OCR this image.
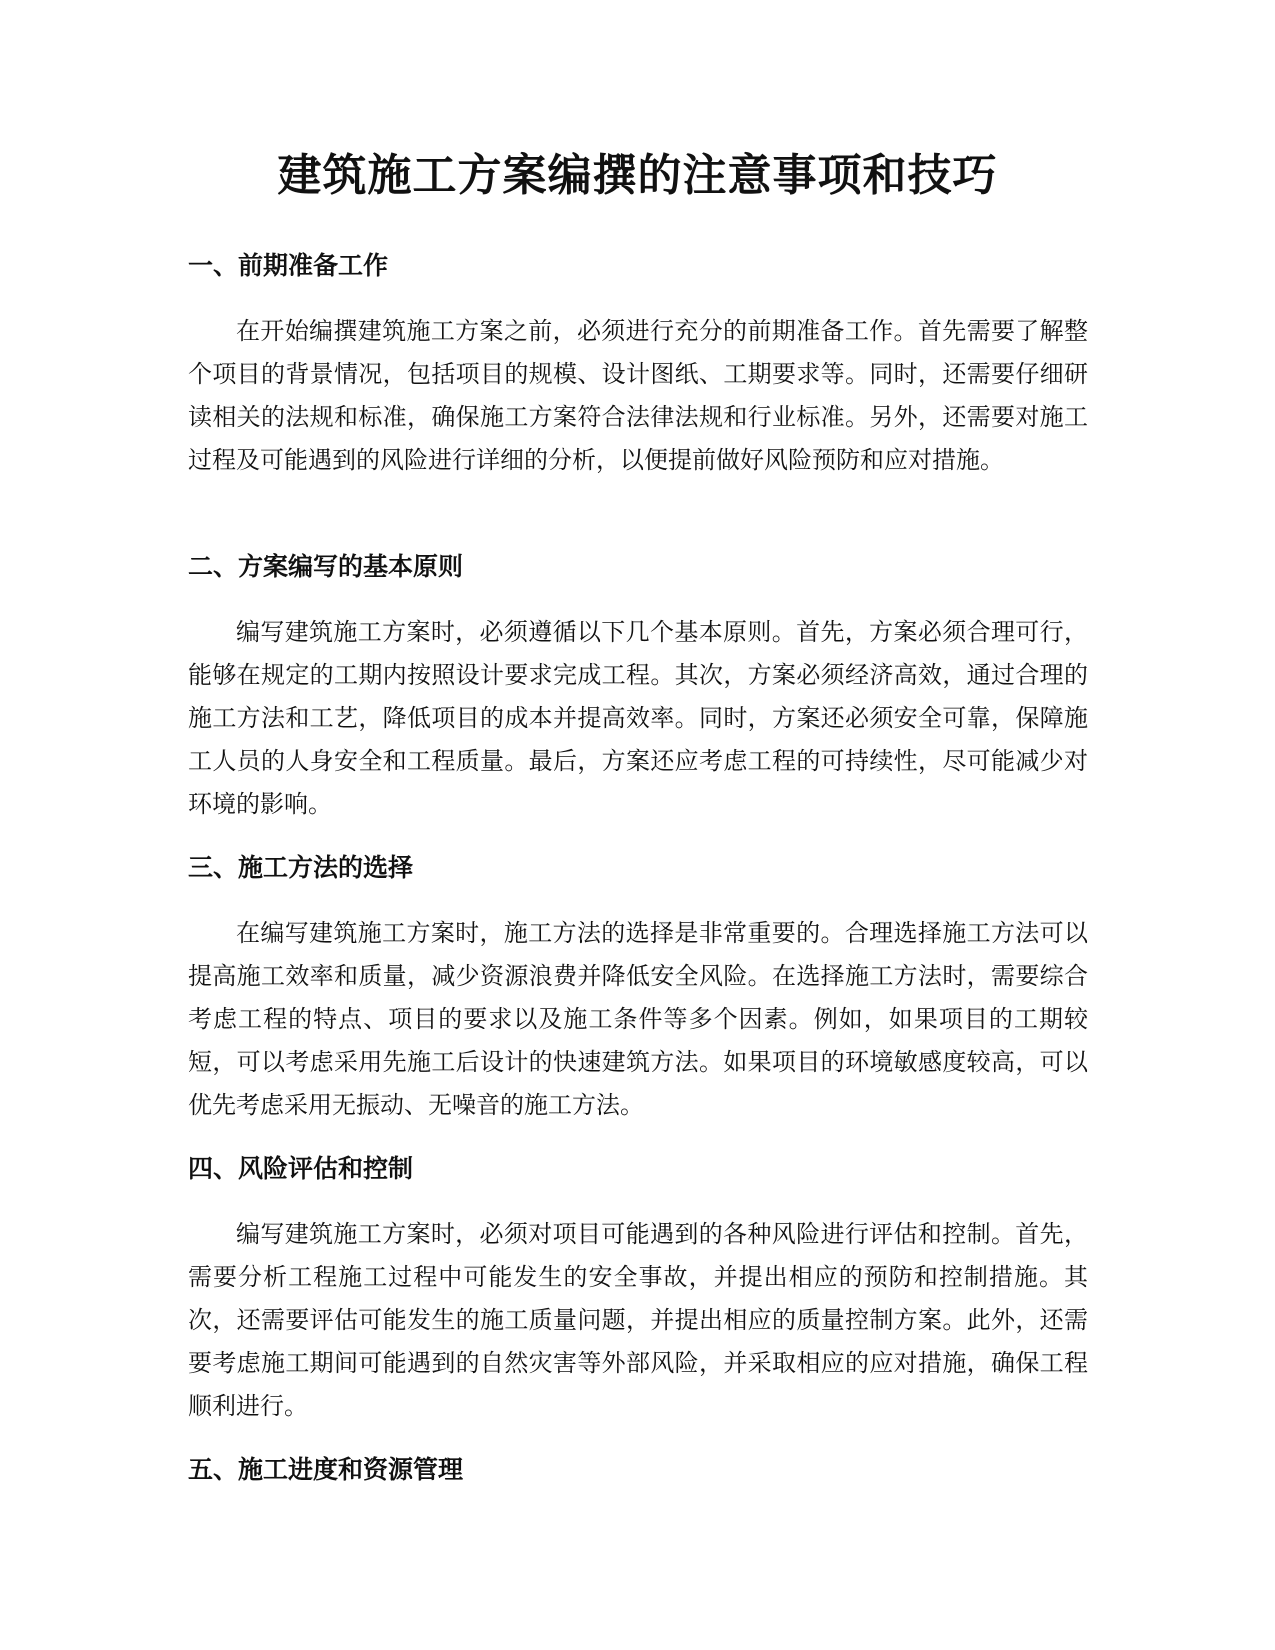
建筑施工方案编撰的注意事项和技巧
一、前期准备工作

在开始编撰建筑施工方案之前，必须进行充分的前期准备工作。首先需要了解整个项目的背景情况，包括项目的规模、设计图纸、工期要求等。同时，还需要仔细研读相关的法规和标准，确保施工方案符合法律法规和行业标准。另外，还需要对施工过程及可能遇到的风险进行详细的分析，以便提前做好风险预防和应对措施。

二、方案编写的基本原则

编写建筑施工方案时，必须遵循以下几个基本原则。首先，方案必须合理可行，能够在规定的工期内按照设计要求完成工程。其次，方案必须经济高效，通过合理的施工方法和工艺，降低项目的成本并提高效率。同时，方案还必须安全可靠，保障施工人员的人身安全和工程质量。最后，方案还应考虑工程的可持续性，尽可能减少对环境的影响。

三、施工方法的选择

在编写建筑施工方案时，施工方法的选择是非常重要的。合理选择施工方法可以提高施工效率和质量，减少资源浪费并降低安全风险。在选择施工方法时，需要综合考虑工程的特点、项目的要求以及施工条件等多个因素。例如，如果项目的工期较短，可以考虑采用先施工后设计的快速建筑方法。如果项目的环境敏感度较高，可以优先考虑采用无振动、无噪音的施工方法。

四、风险评估和控制

编写建筑施工方案时，必须对项目可能遇到的各种风险进行评估和控制。首先，需要分析工程施工过程中可能发生的安全事故，并提出相应的预防和控制措施。其次，还需要评估可能发生的施工质量问题，并提出相应的质量控制方案。此外，还需要考虑施工期间可能遇到的自然灾害等外部风险，并采取相应的应对措施，确保工程顺利进行。

五、施工进度和资源管理
